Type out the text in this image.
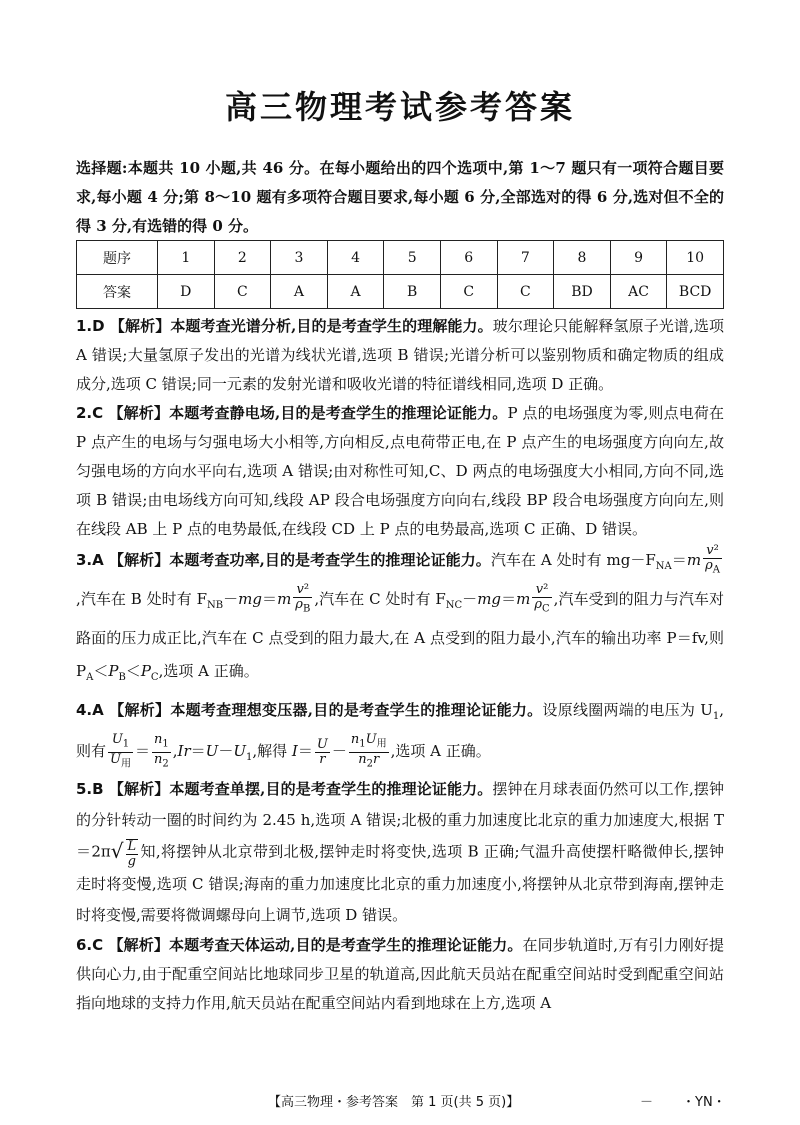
高三物理考试参考答案
选择题:本题共 10 小题,共 46 分。在每小题给出的四个选项中,第 1～7 题只有一项符合题目要求,每小题 4 分;第 8～10 题有多项符合题目要求,每小题 6 分,全部选对的得 6 分,选对但不全的得 3 分,有选错的得 0 分。
题序	1	2	3	4	5	6	7	8	9	10
答案	D	C	A	A	B	C	C	BD	AC	BCD

1.D 【解析】本题考查光谱分析,目的是考查学生的理解能力。玻尔理论只能解释氢原子光谱,选项 A 错误;大量氢原子发出的光谱为线状光谱,选项 B 错误;光谱分析可以鉴别物质和确定物质的组成成分,选项 C 错误;同一元素的发射光谱和吸收光谱的特征谱线相同,选项 D 正确。

2.C 【解析】本题考查静电场,目的是考查学生的推理论证能力。P 点的电场强度为零,则点电荷在 P 点产生的电场与匀强电场大小相等,方向相反,点电荷带正电,在 P 点产生的电场强度方向向左,故匀强电场的方向水平向右,选项 A 错误;由对称性可知,C、D 两点的电场强度大小相同,方向不同,选项 B 错误;由电场线方向可知,线段 AP 段合电场强度方向向右,线段 BP 段合电场强度方向向左,则在线段 AB 上 P 点的电势最低,在线段 CD 上 P 点的电势最高,选项 C 正确、D 错误。

3.A 【解析】本题考查功率,目的是考查学生的推理论证能力。汽车在 A 处时有 $mg-F_{NA}=m \frac{\text{v²}}{\rho_A}$
,汽车在 B 处时有 $F_{NB}-mg=m \frac{\text{v²}}{\rho_B}$ ,汽车在 C 处时有 $F_{NC}-mg=m \frac{\text{v²}}{\rho_C}$ ,汽车受到的阻力与汽车对路面的压力成正比,汽车在 C 点受到的阻力最大,在 A 点受到的阻力最小,汽车的输出功率 P＝fv,则 $P_A<P_B<P_C$,选项 A 正确。

4.A 【解析】本题考查理想变压器,目的是考查学生的推理论证能力。设原线圈两端的电压为 $U_1$,则有 $\frac{U_1}{U_用} = \frac{n_1}{n_2} ,Ir=U-U_1$,解得 $I= \frac{U}{r} - \frac{n_1U_用}{n_2r}$ ,选项 A 正确。

5.B 【解析】本题考查单摆,目的是考查学生的推理论证能力。摆钟在月球表面仍然可以工作,摆钟的分针转动一圈的时间约为 2.45 h,选项 A 错误;北极的重力加速度比北京的重力加速度大,根据 $T=2\pi√ \frac{L}{g}$ 知,将摆钟从北京带到北极,摆钟走时将变快,选项 B 正确;气温升高使摆杆略微伸长,摆钟走时将变慢,选项 C 错误;海南的重力加速度比北京的重力加速度小,将摆钟从北京带到海南,摆钟走时将变慢,需要将微调螺母向上调节,选项 D 错误。

6.C 【解析】本题考查天体运动,目的是考查学生的推理论证能力。在同步轨道时,万有引力刚好提供向心力,由于配重空间站比地球同步卫星的轨道高,因此航天员站在配重空间站时受到配重空间站指向地球的支持力作用,航天员站在配重空间站内看到地球在上方,选项 A

【高三物理・参考答案　第 1 页(共 5 页)】	－ ・YN・
